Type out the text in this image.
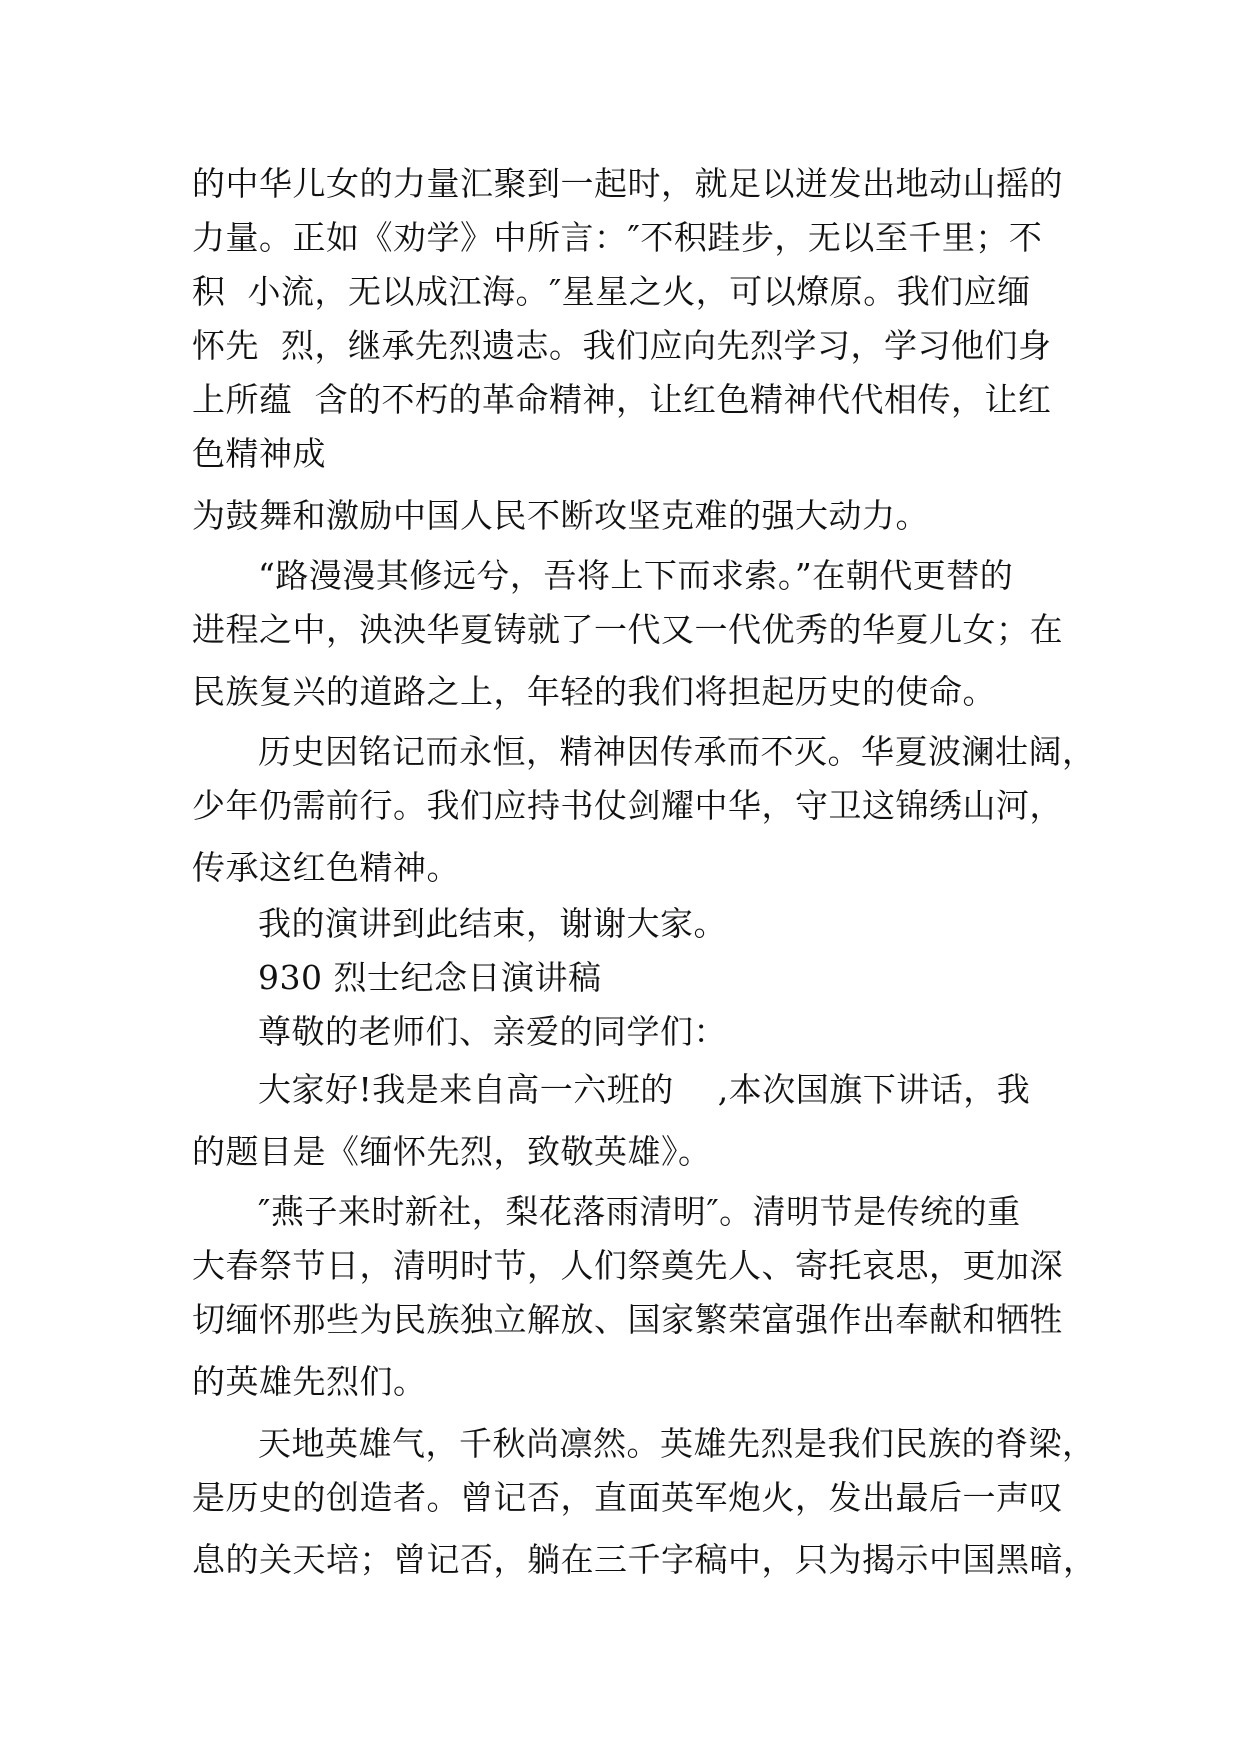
的中华儿女的力量汇聚到一起时，就足以迸发出地动山摇的
力量。正如《劝学》中所言：″不积跬步，无以至千里；不
积  小流，无以成江海。″星星之火，可以燎原。我们应缅
怀先  烈，继承先烈遗志。我们应向先烈学习，学习他们身
上所蕴  含的不朽的革命精神，让红色精神代代相传，让红
色精神成
为鼓舞和激励中国人民不断攻坚克难的强大动力。
“路漫漫其修远兮，吾将上下而求索。”在朝代更替的
进程之中，泱泱华夏铸就了一代又一代优秀的华夏儿女；在
民族复兴的道路之上，年轻的我们将担起历史的使命。
历史因铭记而永恒，精神因传承而不灭。华夏波澜壮阔，
少年仍需前行。我们应持书仗剑耀中华，守卫这锦绣山河，
传承这红色精神。
我的演讲到此结束，谢谢大家。
930 烈士纪念日演讲稿
尊敬的老师们、亲爱的同学们：
大家好!我是来自高一六班的    ,本次国旗下讲话，我
的题目是《缅怀先烈，致敬英雄》。
″燕子来时新社，梨花落雨清明″。清明节是传统的重
大春祭节日，清明时节，人们祭奠先人、寄托哀思，更加深
切缅怀那些为民族独立解放、国家繁荣富强作出奉献和牺牲
的英雄先烈们。
天地英雄气，千秋尚凛然。英雄先烈是我们民族的脊梁，
是历史的创造者。曾记否，直面英军炮火，发出最后一声叹
息的关天培；曾记否，躺在三千字稿中，只为揭示中国黑暗，
